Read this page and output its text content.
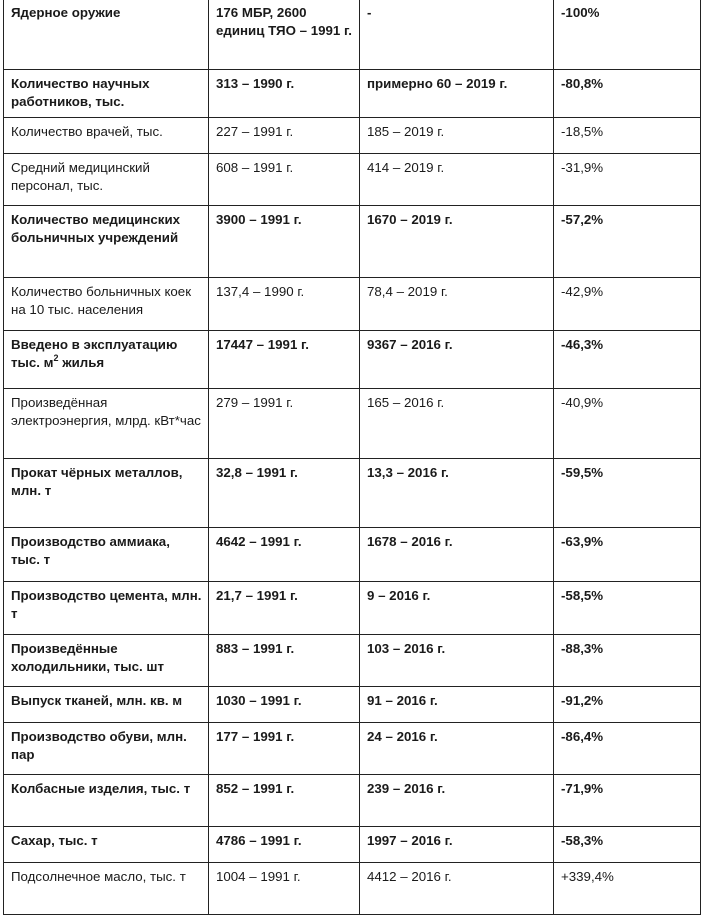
Ядерное оружие	176 МБР, 2600 единиц ТЯО – 1991 г.	-	-100%
Количество научных работников, тыс.	313 – 1990 г.	примерно 60 – 2019 г.	-80,8%
Количество врачей, тыс.	227 – 1991 г.	185 – 2019 г.	-18,5%
Средний медицинский персонал, тыс.	608 – 1991 г.	414 – 2019 г.	-31,9%
Количество медицинских больничных учреждений	3900 – 1991 г.	1670 – 2019 г.	-57,2%
Количество больничных коек на 10 тыс. населения	137,4 – 1990 г.	78,4 – 2019 г.	-42,9%
Введено в эксплуатацию тыс. $м^2$ жилья	17447 – 1991 г.	9367 – 2016 г.	-46,3%
Произведённая электроэнергия, млрд. кВт*час	279 – 1991 г.	165 – 2016 г.	-40,9%
Прокат чёрных металлов, млн. т	32,8 – 1991 г.	13,3 – 2016 г.	-59,5%
Производство аммиака, тыс. т	4642 – 1991 г.	1678 – 2016 г.	-63,9%
Производство цемента, млн. т	21,7 – 1991 г.	9 – 2016 г.	-58,5%
Произведённые холодильники, тыс. шт	883 – 1991 г.	103 – 2016 г.	-88,3%
Выпуск тканей, млн. кв. м	1030 – 1991 г.	91 – 2016 г.	-91,2%
Производство обуви, млн. пар	177 – 1991 г.	24 – 2016 г.	-86,4%
Колбасные изделия, тыс. т	852 – 1991 г.	239 – 2016 г.	-71,9%
Сахар, тыс. т	4786 – 1991 г.	1997 – 2016 г.	-58,3%
Подсолнечное масло, тыс. т	1004 – 1991 г.	4412 – 2016 г.	+339,4%
